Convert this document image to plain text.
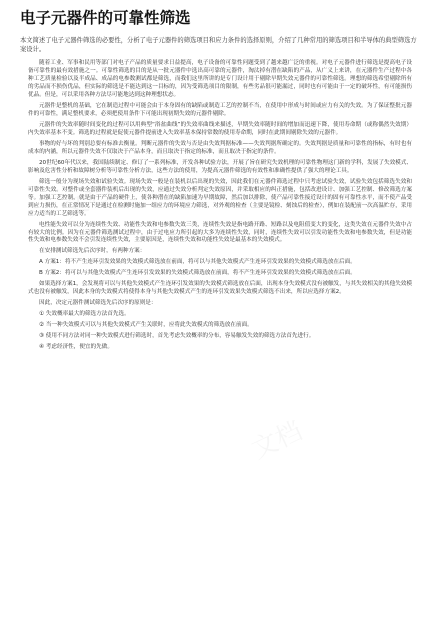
电子元器件的可靠性筛选

本文简述了电子元器件筛选的必要性，分析了电子元器件的筛选项目和应力条件的选择原则，介绍了几种常用的筛选项目和半导体的典型筛选方案设计。

随着工业、军事和民用等部门对电子产品的质量要求日益提高，电子设备的可靠性问题受到了越来越广泛的重视。对电子元器件进行筛选是提高电子设备可靠性的最有效措施之一。可靠性筛选的目的是从一批元器件中选出高可靠的元器件，淘汰掉有潜在缺陷的产品，从广义上来讲，在元器件生产过程中各种工艺质量检验以及半成品、成品的电参数测试都是筛选，而我们这里所讲的是专门设计用于剔除早期失效元器件的可靠性筛选。理想的筛选希望剔除所有的劣品而不损伤优品，但实际的筛选是不能达到这一目标的，因为受筛选项目的限制，有些劣品很可能漏过，同时也有可能由于一定的破坏性，有可能损伤优品。但是，可以采用各种方法尽可能地达到这种理想状态。

元器件是整机的基础，它在制造过程中可能会由于本身固有的缺陷或制造工艺的控制不当，在使用中形成与时间或应力有关的失效。为了保证整批元器件的可靠性，满足整机要求，必须把使用条件下可能出现初期失效的元器件剔除。

元器件的失效率随时间变化的过程可以用典型“浴盆曲线”的失效率曲线来描述，早期失效率随时间的增加而迅速下降，使用寿命期（或称偶然失效期）内失效率基本不变。筛选的过程就是促使元器件提前进入失效率基本保持常数的使用寿命期，同时在此期间剔除失效的元器件。

事物的好与坏的判别总要有标准去衡量。判断元器件的失效与否是由失效判据标准——失效判据所确定的。失效判据是质量和可靠性的指标，有时也有成本的内涵，所以元器件失效不仅取决于产品本身，而且取决于指定的标准，而且取决于指定的条件。

20世纪60年代以来，我国陆续制定、修订了一系列标准，开发各种试验方法，开展了旨在研究失效机理的可靠性物理这门新的学科，发展了失效模式、影响及危害性分析和故障树分析等可靠性分析方法，这些方法的使用，为提高元器件筛选的有效性和准确性提供了强大的理论工具。

筛选一般分为现场失效和试验失效。现场失效一般是在装机以后出现的失效，因此我们在元器件筛选过程中只考虑试验失效，试验失效包括筛选失效和可靠性失效。对整件或全套器件装机后出现的失效，应通过失效分析判定失效原因，并采取相应的纠正措施，包括改进设计、加强工艺控制、修改筛选方案等。加强工艺控制，就是由于产品的硬件上，使各种潜在的缺陷加速为早期故障，然后加以排除，使产品可靠性接近设计的固有可靠性水平，而不使产品受到应力损伤，在正常情况下是通过在检测时施加一组应力的环境应力筛选，对外观的检查（主要是镜检、刻蚀后的检查），例如在装配前一次高温贮存，采用应力适当的工艺筛选等。

电性能失效可以分为连续性失效、功能性失效和电参数失效三类，连续性失效是指电路开路、短路以及电阻值变大的变化，这类失效在元器件失效中占有较大的比例。因为在元器件筛选测试过程中，由于过电应力所引起的大多为连续性失效，同时，连续性失效可以引发功能性失效和电参数失效，但是功能性失效和电参数失效不会引发连续性失效，主要原因是，连续性失效和功能性失效是最基本的失效模式。

在安排测试筛选先后次序时，有两种方案：

A 方案1：将不产生连环引发效果的失效模式筛选放在前面，将可以与其他失效模式产生连环引发效果的失效模式筛选放在后面。

B 方案2：将可以与其他失效模式产生连环引发效果的失效模式筛选放在前面，将不产生连环引发效果的失效模式筛选放在后面。

如果选择方案1，会发现将可以与其他失效模式产生连环引发效果的失效模式筛选放在后面，出现本身失效模式没有被触发，与其失效相关的其他失效模式也没有被触发，因此本身的失效模式将使得本身与其他失效模式产生的连环引发效果失效模式筛选不出来，所以应选择方案2。

因此，决定元器件测试筛选先后次序的原则是：

① 失效概率最大的筛选方法首先选。

② 当一种失效模式可以与其他失效模式产生关联时，应将此失效模式的筛选放在前面。

③ 使用不同方法对同一种失效模式进行筛选时，首先考虑失效概率的分布，容易触发失效的筛选方法首先进行。

④ 考虑经济性，便宜的先做。
